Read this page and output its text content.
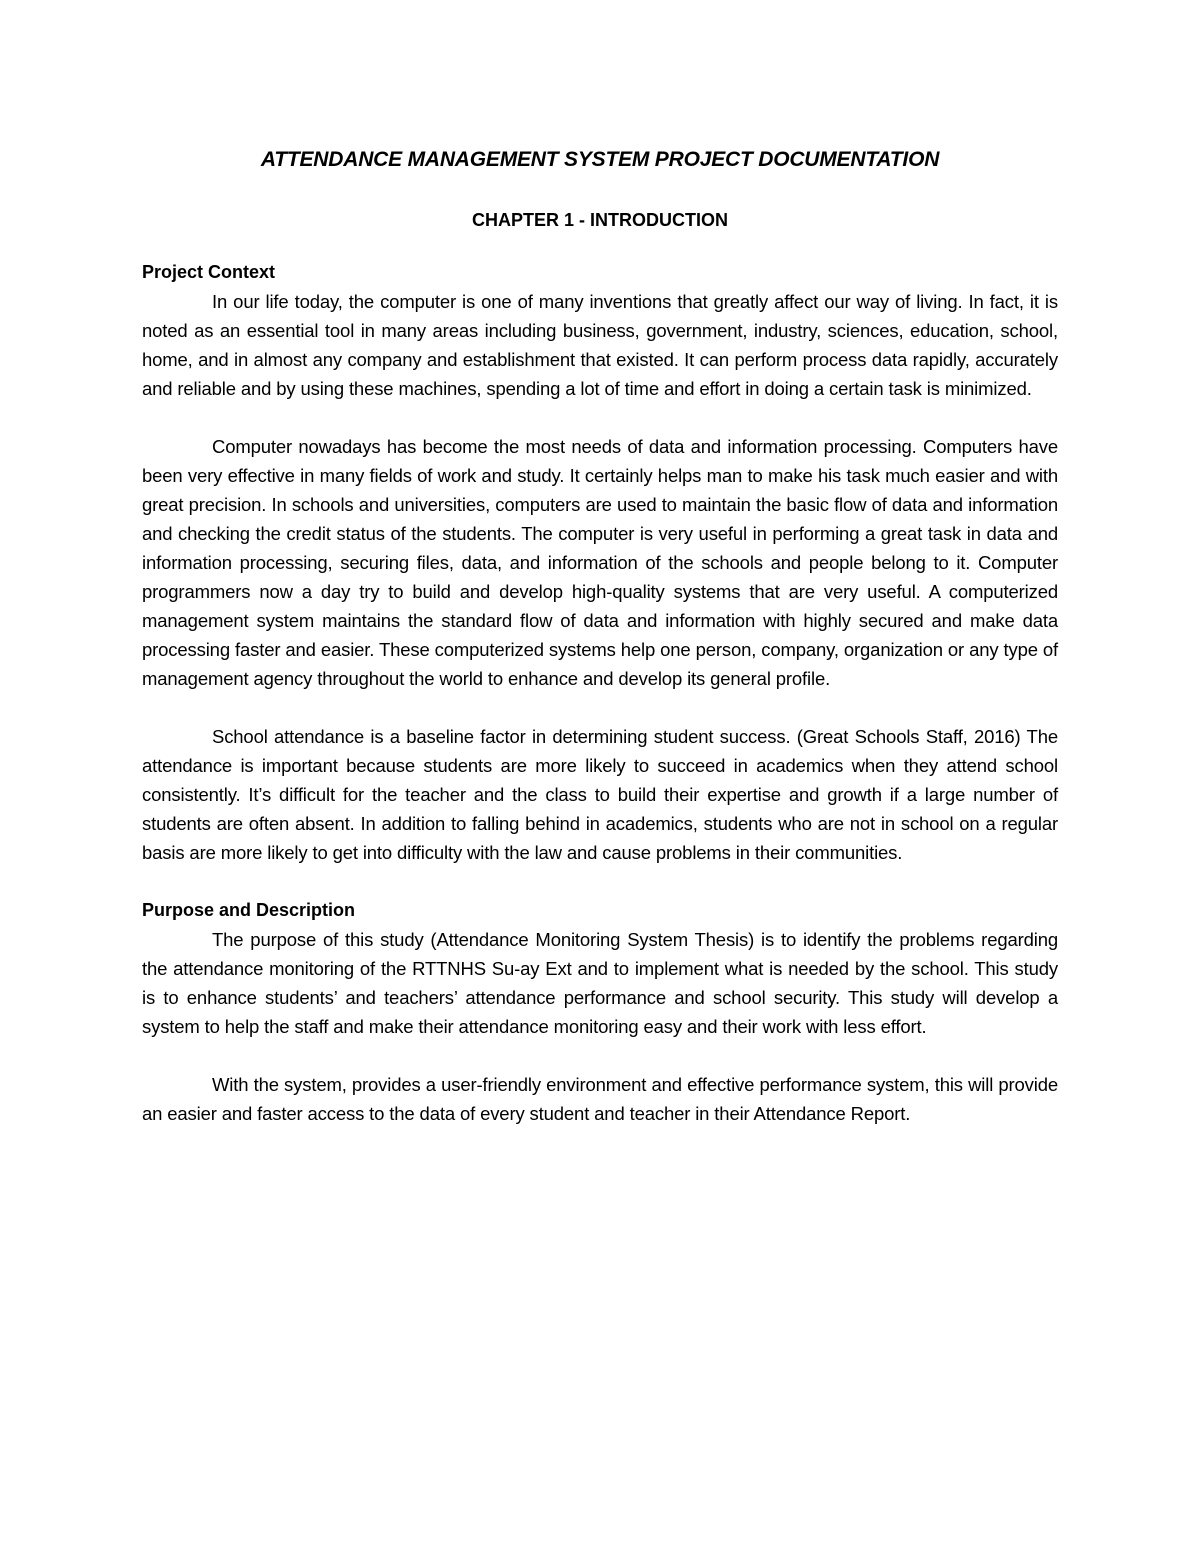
ATTENDANCE MANAGEMENT SYSTEM PROJECT DOCUMENTATION
CHAPTER 1 - INTRODUCTION
Project Context

In our life today, the computer is one of many inventions that greatly affect our way of living. In fact, it is noted as an essential tool in many areas including business, government, industry, sciences, education, school, home, and in almost any company and establishment that existed. It can perform process data rapidly, accurately and reliable and by using these machines, spending a lot of time and effort in doing a certain task is minimized.

Computer nowadays has become the most needs of data and information processing. Computers have been very effective in many fields of work and study. It certainly helps man to make his task much easier and with great precision. In schools and universities, computers are used to maintain the basic flow of data and information and checking the credit status of the students. The computer is very useful in performing a great task in data and information processing, securing files, data, and information of the schools and people belong to it. Computer programmers now a day try to build and develop high-quality systems that are very useful. A computerized management system maintains the standard flow of data and information with highly secured and make data processing faster and easier. These computerized systems help one person, company, organization or any type of management agency throughout the world to enhance and develop its general profile.

School attendance is a baseline factor in determining student success. (Great Schools Staff, 2016) The attendance is important because students are more likely to succeed in academics when they attend school consistently. It’s difficult for the teacher and the class to build their expertise and growth if a large number of students are often absent. In addition to falling behind in academics, students who are not in school on a regular basis are more likely to get into difficulty with the law and cause problems in their communities.

Purpose and Description

The purpose of this study (Attendance Monitoring System Thesis) is to identify the problems regarding the attendance monitoring of the RTTNHS Su-ay Ext and to implement what is needed by the school. This study is to enhance students’ and teachers’ attendance performance and school security. This study will develop a system to help the staff and make their attendance monitoring easy and their work with less effort.

With the system, provides a user-friendly environment and effective performance system, this will provide an easier and faster access to the data of every student and teacher in their Attendance Report.
